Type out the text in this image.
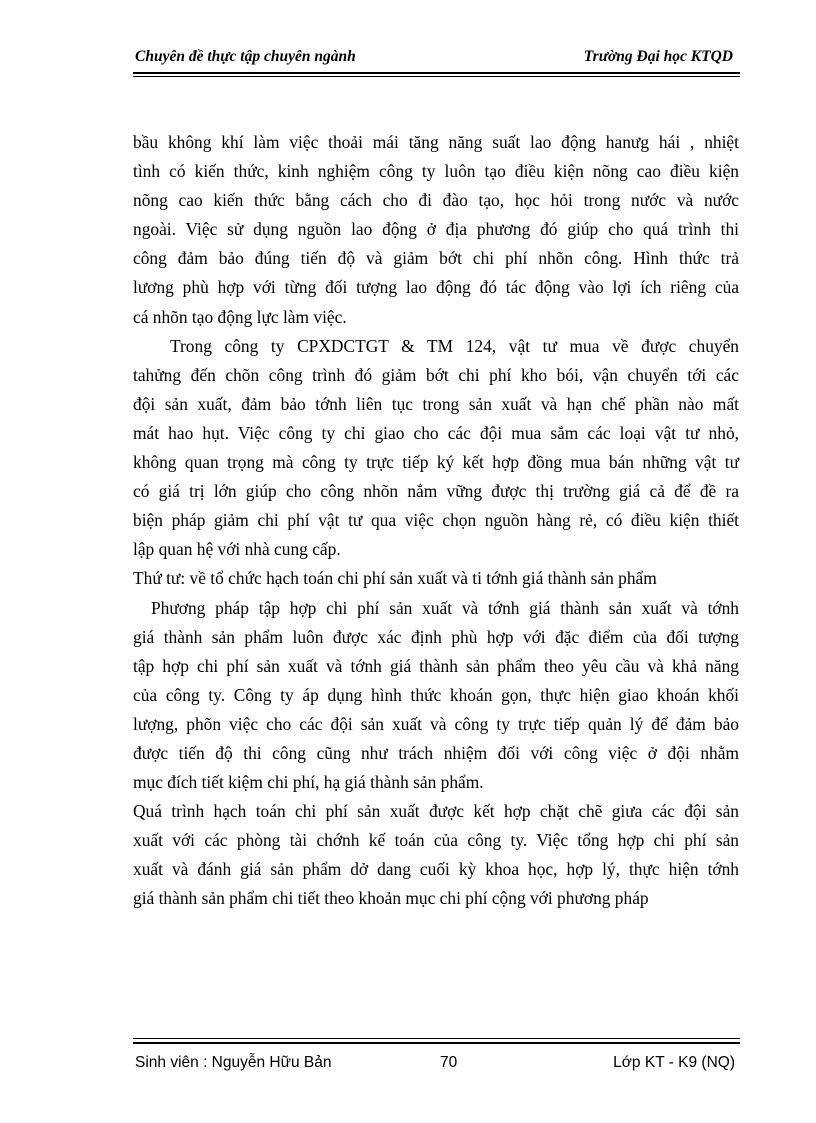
Chuyên đề thực tập chuyên ngành	Trường Đại học KTQD
bầu không khí làm việc thoải mái tăng năng suất lao động hanưg hái , nhiệt
tình có kiến thức, kinh nghiệm công ty luôn tạo điều kiện nõng cao điều kiện
nõng cao kiến thức bằng cách cho đi đào tạo, học hỏi trong nước và nước
ngoài. Việc sử dụng nguồn lao động ở địa phương đó giúp cho quá trình thi
công đảm bảo đúng tiến độ và giảm bớt chi phí nhõn công. Hình thức trả
lương phù hợp với từng đối tượng lao động đó tác động vào lợi ích riêng của
cá nhõn tạo động lực làm việc.
Trong công ty CPXDCTGT & TM 124, vật tư mua về được chuyển
tahửng đến chõn công trình đó giảm bớt chi phí kho bói, vận chuyển tới các
đội sản xuất, đảm bảo tớnh liên tục trong sản xuất và hạn chế phần nào mất
mát hao hụt. Việc công ty chỉ giao cho các đội mua sắm các loại vật tư nhỏ,
không quan trọng mà công ty trực tiếp ký kết hợp đồng mua bán những vật tư
có giá trị lớn giúp cho công nhõn nắm vững được thị trường giá cả để đề ra
biện pháp giảm chi phí vật tư qua việc chọn nguồn hàng rẻ, có điều kiện thiết
lập quan hệ với nhà cung cấp.
Thứ tư: về tổ chức hạch toán chi phí sản xuất và ti tớnh giá thành sản phẩm
Phương pháp tập hợp chi phí sản xuất và tớnh giá thành sản xuất và tớnh
giá thành sản phẩm luôn được xác định phù hợp với đặc điểm của đối tượng
tập hợp chi phí sản xuất và tớnh giá thành sản phẩm theo yêu cầu và khả năng
của công ty. Công ty áp dụng hình thức khoán gọn, thực hiện giao khoán khối
lượng, phõn việc cho các đội sản xuất và công ty trực tiếp quản lý để đảm bảo
được tiến độ thi công cũng như trách nhiệm đối với công việc ở đội nhằm
mục đích tiết kiệm chi phí, hạ giá thành sản phẩm.
Quá trình hạch toán chi phí sản xuất được kết hợp chặt chẽ giưa các đội sản
xuất với các phòng tài chớnh kế toán của công ty. Việc tổng hợp chi phí sản
xuất và đánh giá sản phẩm dở dang cuối kỳ khoa học, hợp lý, thực hiện tớnh
giá thành sản phẩm chi tiết theo khoản mục chi phí cộng với phương pháp
Sinh viên : Nguyễn Hữu Bản	70	Lớp KT - K9 (NQ)
